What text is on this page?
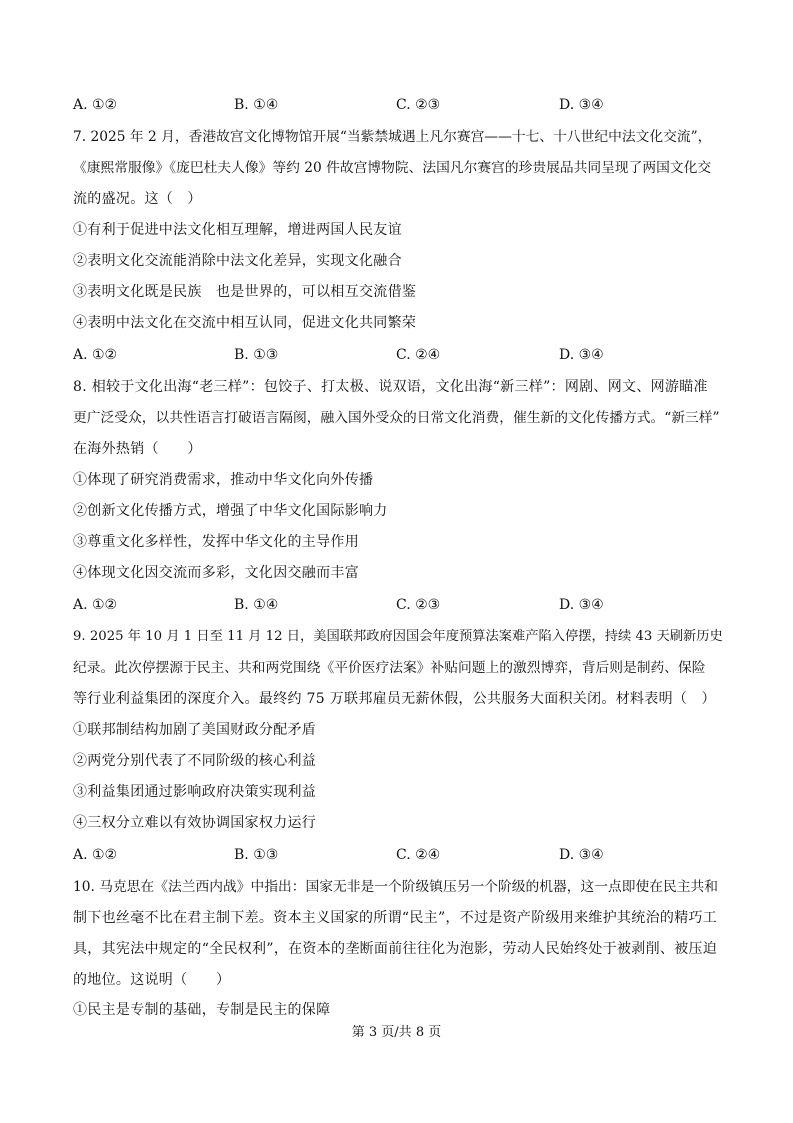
A. ①②	B. ①④	C. ②③	D. ③④
7. 2025 年 2 月，香港故宫文化博物馆开展“当紫禁城遇上凡尔赛宫——十七、十八世纪中法文化交流”，
《康熙常服像》《庞巴杜夫人像》等约 20 件故宫博物院、法国凡尔赛宫的珍贵展品共同呈现了两国文化交
流的盛况。这（　）
①有利于促进中法文化相互理解，增进两国人民友谊
②表明文化交流能消除中法文化差异，实现文化融合
③表明文化既是民族　也是世界的，可以相互交流借鉴
④表明中法文化在交流中相互认同，促进文化共同繁荣
A. ①②	B. ①③	C. ②④	D. ③④
8. 相较于文化出海“老三样”：包饺子、打太极、说双语，文化出海“新三样”：网剧、网文、网游瞄准
更广泛受众，以共性语言打破语言隔阂，融入国外受众的日常文化消费，催生新的文化传播方式。“新三样”
在海外热销（　　）
①体现了研究消费需求，推动中华文化向外传播
②创新文化传播方式，增强了中华文化国际影响力
③尊重文化多样性，发挥中华文化的主导作用
④体现文化因交流而多彩，文化因交融而丰富
A. ①②	B. ①④	C. ②③	D. ③④
9. 2025 年 10 月 1 日至 11 月 12 日，美国联邦政府因国会年度预算法案难产陷入停摆，持续 43 天刷新历史
纪录。此次停摆源于民主、共和两党围绕《平价医疗法案》补贴问题上的激烈博弈，背后则是制药、保险
等行业利益集团的深度介入。最终约 75 万联邦雇员无薪休假，公共服务大面积关闭。材料表明（　）
①联邦制结构加剧了美国财政分配矛盾
②两党分别代表了不同阶级的核心利益
③利益集团通过影响政府决策实现利益
④三权分立难以有效协调国家权力运行
A. ①②	B. ①③	C. ②④	D. ③④
10. 马克思在《法兰西内战》中指出：国家无非是一个阶级镇压另一个阶级的机器，这一点即使在民主共和
制下也丝毫不比在君主制下差。资本主义国家的所谓“民主”，不过是资产阶级用来维护其统治的精巧工
具，其宪法中规定的“全民权利”，在资本的垄断面前往往化为泡影，劳动人民始终处于被剥削、被压迫
的地位。这说明（　　）
①民主是专制的基础，专制是民主的保障
第 3 页/共 8 页
